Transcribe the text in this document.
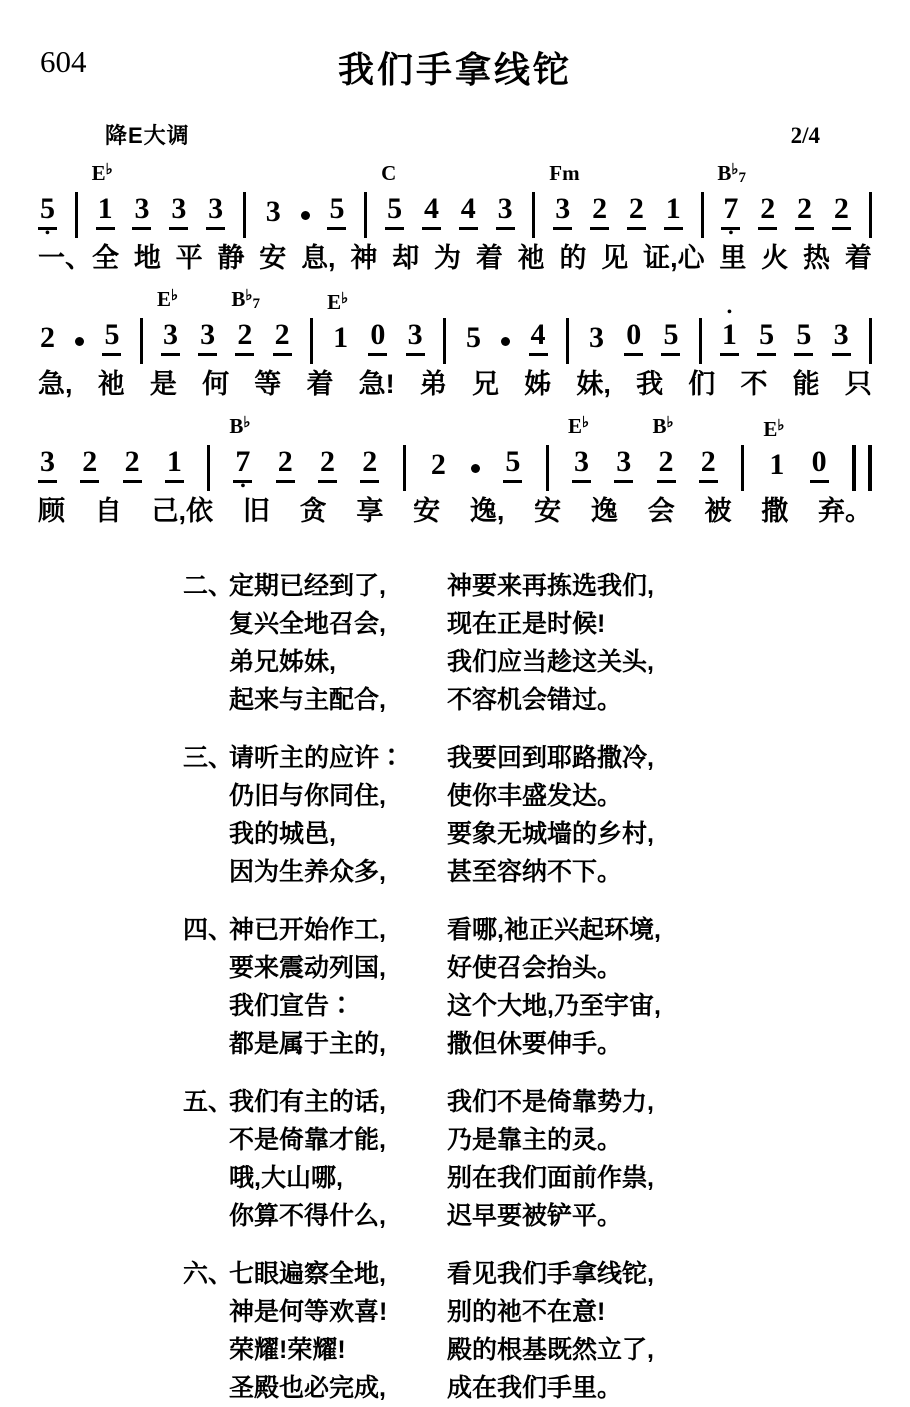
604	我们手拿线铊
降E大调	2/4
5
•
1
E♭
3 3 3 3 5 5
C
4 4 3 3
Fm
2 2 1 7
•
$B^♭_7$
2 2 2
一、全 地 平 静 安 息, 神 却 为 着 祂 的 见 证,心 里 火 热 着
2 5 3
E♭
3 2
$B^♭_7$
2 1
E♭
0 3 5 4 3 0 5 1
•
5 5 3
急, 祂 是 何 等 着 急! 弟 兄 姊 妹, 我 们 不 能 只
3 2 2 1 7
•
B♭
2 2 2 2 5 3
E♭
3 2
B♭
2 1
E♭
0
顾 自 己,依 旧 贪 享 安 逸, 安 逸 会 被 撒 弃。
二、
定期已经到了,	神要来再拣选我们,
复兴全地召会,	现在正是时候!
弟兄姊妹,	我们应当趁这关头,
起来与主配合,	不容机会错过。
三、
请听主的应许∶	我要回到耶路撒冷,
仍旧与你同住,	使你丰盛发达。
我的城邑,	要象无城墙的乡村,
因为生养众多,	甚至容纳不下。
四、
神已开始作工,	看哪,祂正兴起环境,
要来震动列国,	好使召会抬头。
我们宣告∶	这个大地,乃至宇宙,
都是属于主的,	撒但休要伸手。
五、
我们有主的话,	我们不是倚靠势力,
不是倚靠才能,	乃是靠主的灵。
哦,大山哪,	别在我们面前作祟,
你算不得什么,	迟早要被铲平。
六、
七眼遍察全地,	看见我们手拿线铊,
神是何等欢喜!	别的祂不在意!
荣耀!荣耀!	殿的根基既然立了,
圣殿也必完成,	成在我们手里。
